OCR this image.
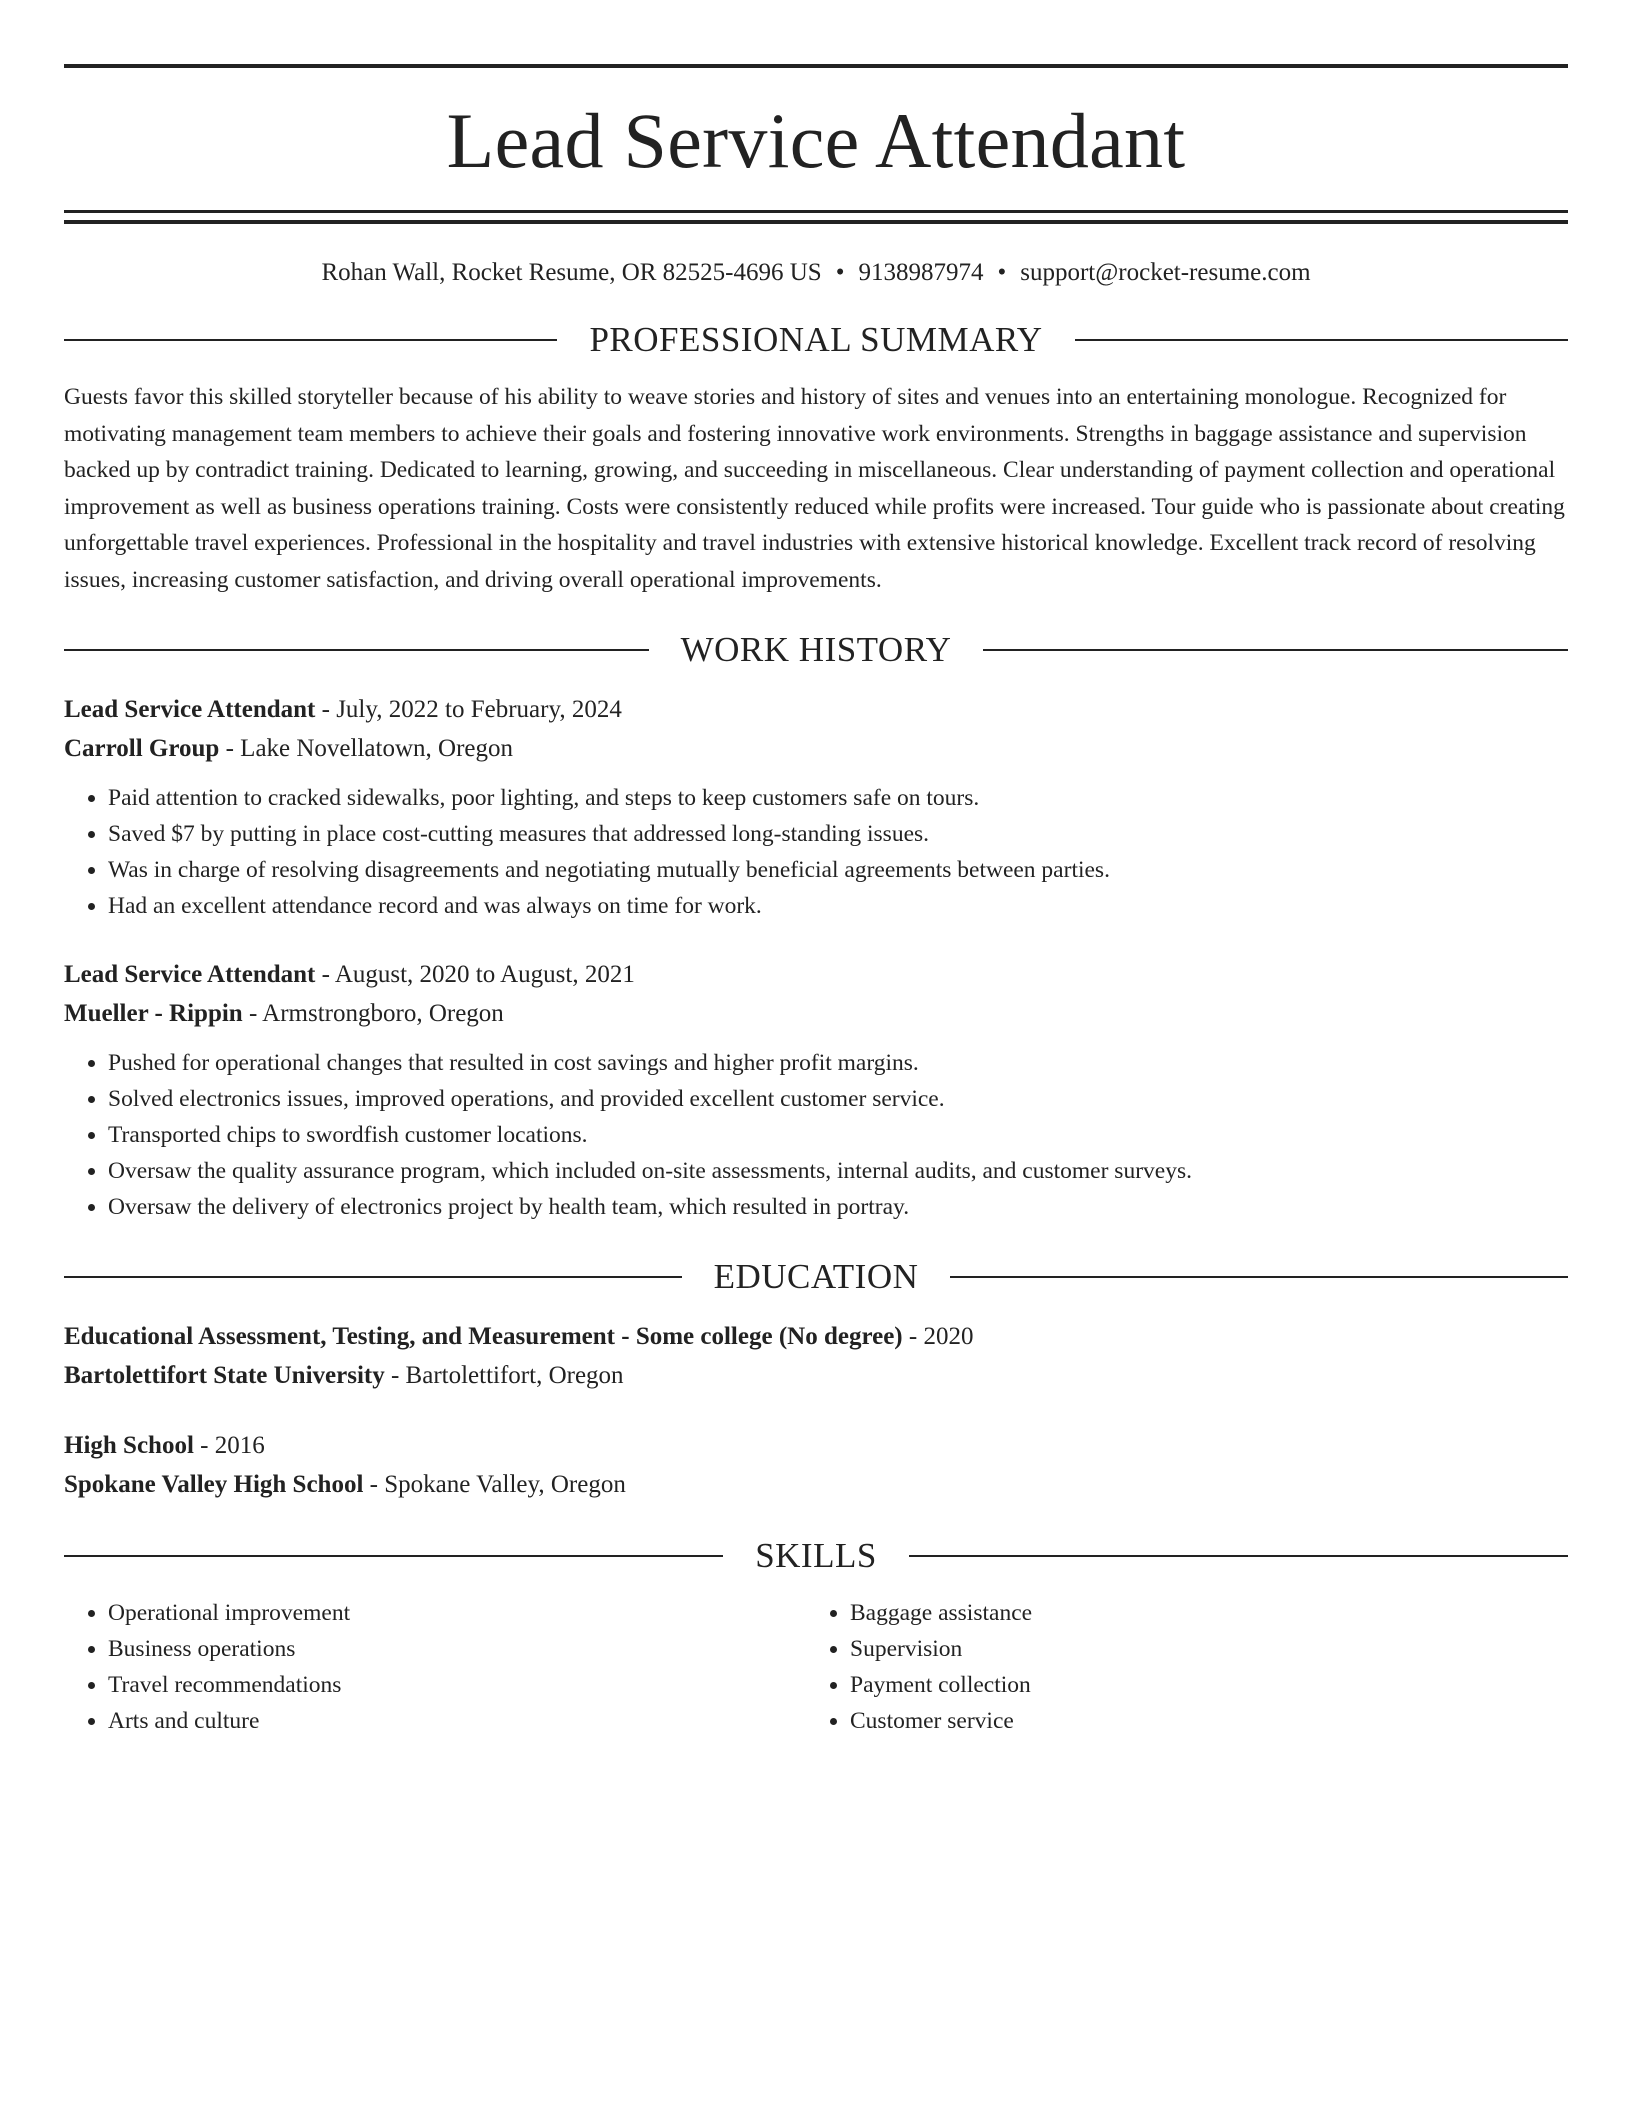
Lead Service Attendant
Rohan Wall, Rocket Resume, OR 82525-4696 US • 9138987974 • support@rocket-resume.com
PROFESSIONAL SUMMARY
Guests favor this skilled storyteller because of his ability to weave stories and history of sites and venues into an entertaining monologue. Recognized for motivating management team members to achieve their goals and fostering innovative work environments. Strengths in baggage assistance and supervision backed up by contradict training. Dedicated to learning, growing, and succeeding in miscellaneous. Clear understanding of payment collection and operational improvement as well as business operations training. Costs were consistently reduced while profits were increased. Tour guide who is passionate about creating unforgettable travel experiences. Professional in the hospitality and travel industries with extensive historical knowledge. Excellent track record of resolving issues, increasing customer satisfaction, and driving overall operational improvements.
WORK HISTORY
Lead Service Attendant - July, 2022 to February, 2024
Carroll Group - Lake Novellatown, Oregon
• Paid attention to cracked sidewalks, poor lighting, and steps to keep customers safe on tours.
• Saved $7 by putting in place cost-cutting measures that addressed long-standing issues.
• Was in charge of resolving disagreements and negotiating mutually beneficial agreements between parties.
• Had an excellent attendance record and was always on time for work.
Lead Service Attendant - August, 2020 to August, 2021
Mueller - Rippin - Armstrongboro, Oregon
• Pushed for operational changes that resulted in cost savings and higher profit margins.
• Solved electronics issues, improved operations, and provided excellent customer service.
• Transported chips to swordfish customer locations.
• Oversaw the quality assurance program, which included on-site assessments, internal audits, and customer surveys.
• Oversaw the delivery of electronics project by health team, which resulted in portray.
EDUCATION
Educational Assessment, Testing, and Measurement - Some college (No degree) - 2020
Bartolettifort State University - Bartolettifort, Oregon
High School - 2016
Spokane Valley High School - Spokane Valley, Oregon
SKILLS
• Operational improvement
• Business operations
• Travel recommendations
• Arts and culture
• Baggage assistance
• Supervision
• Payment collection
• Customer service
